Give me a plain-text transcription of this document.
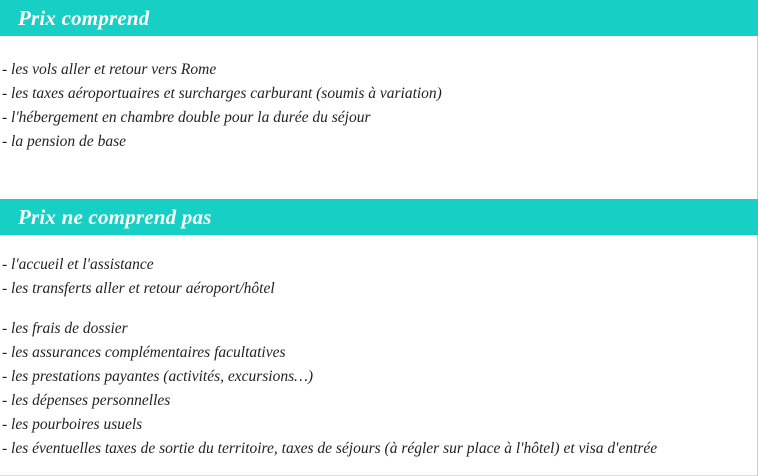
Prix comprend
- les vols aller et retour vers Rome
- les taxes aéroportuaires et surcharges carburant (soumis à variation)
- l'hébergement en chambre double pour la durée du séjour
- la pension de base
Prix ne comprend pas
- l'accueil et l'assistance
- les transferts aller et retour aéroport/hôtel
- les frais de dossier
- les assurances complémentaires facultatives
- les prestations payantes (activités, excursions…)
- les dépenses personnelles
- les pourboires usuels
- les éventuelles taxes de sortie du territoire, taxes de séjours (à régler sur place à l'hôtel) et visa d'entrée
